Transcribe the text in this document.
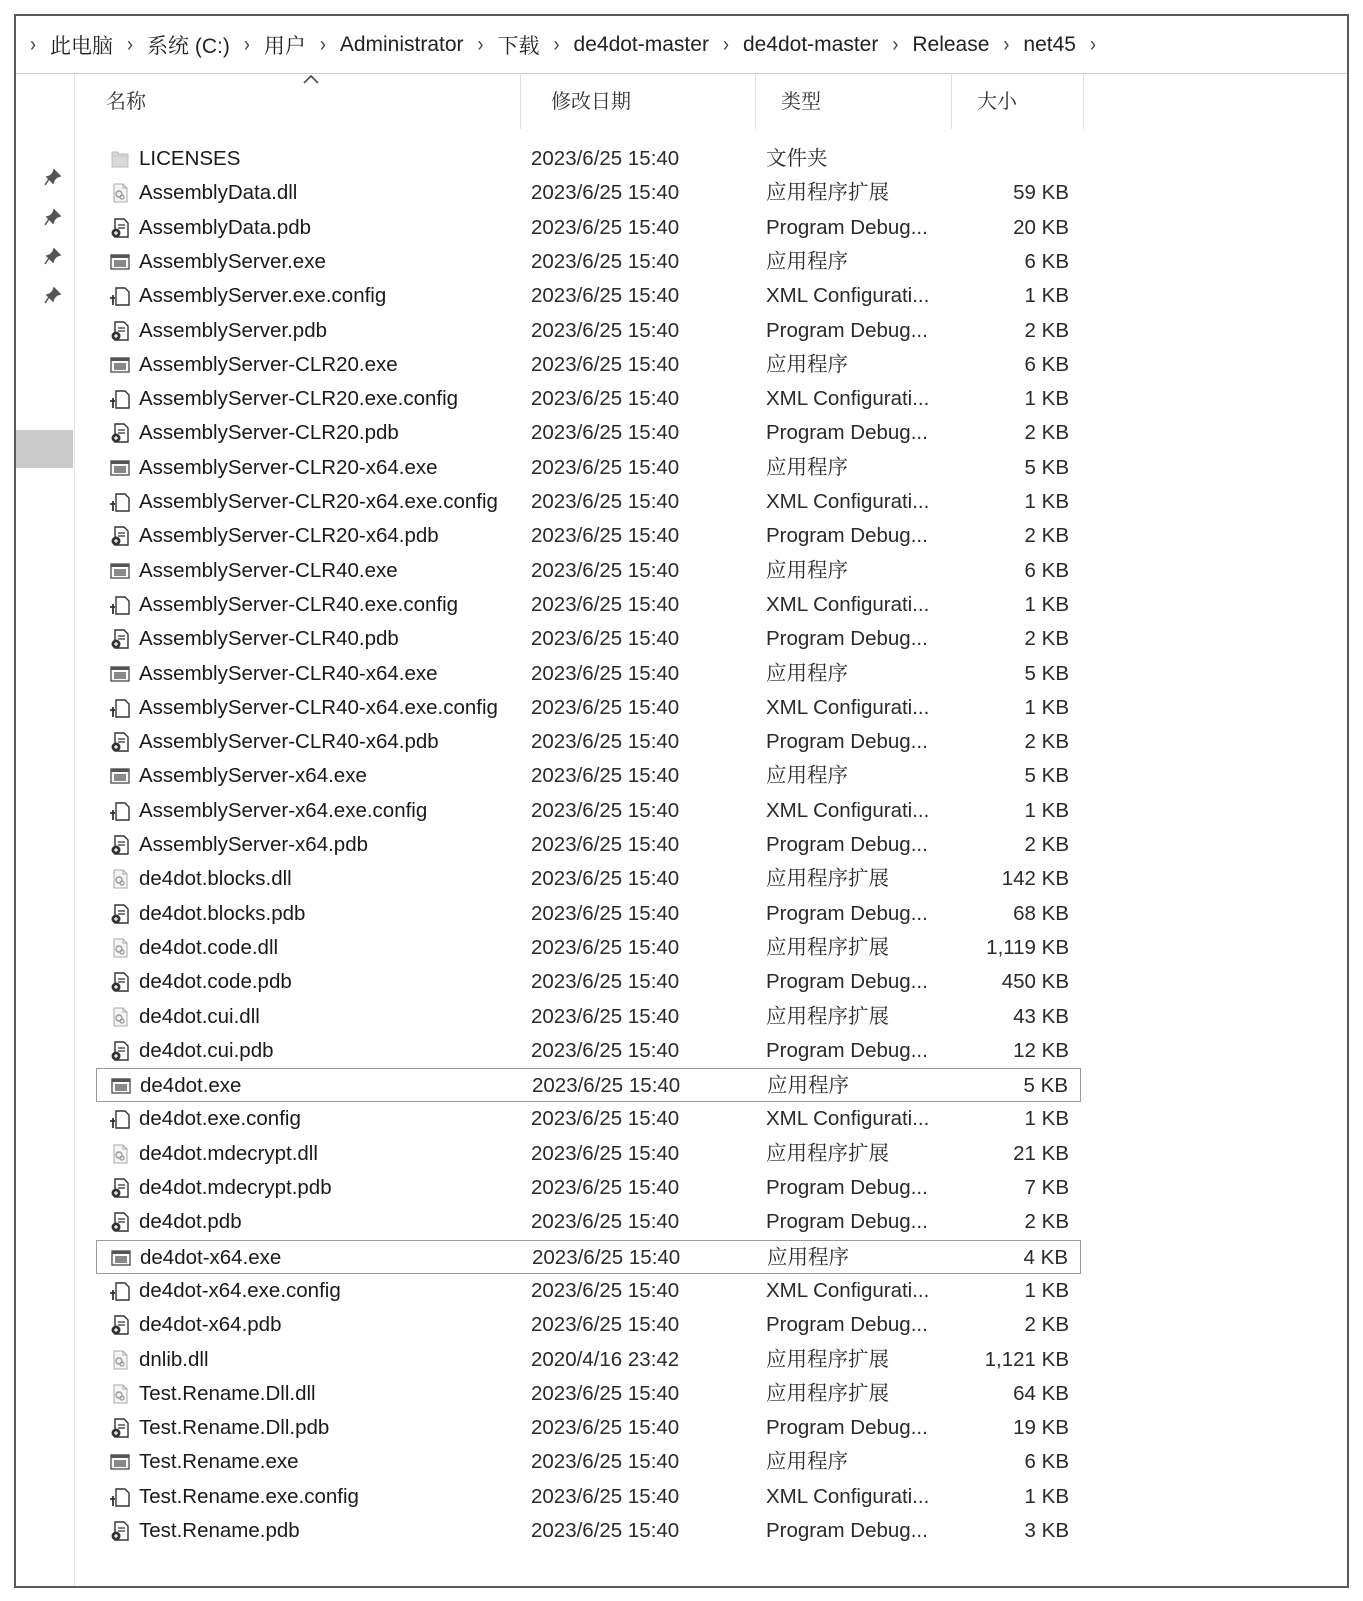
› 此电脑 › 系统 (C:) › 用户 › Administrator › 下载 › de4dot-master › de4dot-master › Release › net45 ›
名称	修改日期	类型	大小
LICENSES	2023/6/25 15:40	文件夹
AssemblyData.dll	2023/6/25 15:40	应用程序扩展	59 KB
AssemblyData.pdb	2023/6/25 15:40	Program Debug...	20 KB
AssemblyServer.exe	2023/6/25 15:40	应用程序	6 KB
AssemblyServer.exe.config	2023/6/25 15:40	XML Configurati...	1 KB
AssemblyServer.pdb	2023/6/25 15:40	Program Debug...	2 KB
AssemblyServer-CLR20.exe	2023/6/25 15:40	应用程序	6 KB
AssemblyServer-CLR20.exe.config	2023/6/25 15:40	XML Configurati...	1 KB
AssemblyServer-CLR20.pdb	2023/6/25 15:40	Program Debug...	2 KB
AssemblyServer-CLR20-x64.exe	2023/6/25 15:40	应用程序	5 KB
AssemblyServer-CLR20-x64.exe.config 2023/6/25 15:40	XML Configurati...	1 KB
AssemblyServer-CLR20-x64.pdb	2023/6/25 15:40	Program Debug...	2 KB
AssemblyServer-CLR40.exe	2023/6/25 15:40	应用程序	6 KB
AssemblyServer-CLR40.exe.config	2023/6/25 15:40	XML Configurati...	1 KB
AssemblyServer-CLR40.pdb	2023/6/25 15:40	Program Debug...	2 KB
AssemblyServer-CLR40-x64.exe	2023/6/25 15:40	应用程序	5 KB
AssemblyServer-CLR40-x64.exe.config 2023/6/25 15:40	XML Configurati...	1 KB
AssemblyServer-CLR40-x64.pdb	2023/6/25 15:40	Program Debug...	2 KB
AssemblyServer-x64.exe	2023/6/25 15:40	应用程序	5 KB
AssemblyServer-x64.exe.config	2023/6/25 15:40	XML Configurati...	1 KB
AssemblyServer-x64.pdb	2023/6/25 15:40	Program Debug...	2 KB
de4dot.blocks.dll	2023/6/25 15:40	应用程序扩展	142 KB
de4dot.blocks.pdb	2023/6/25 15:40	Program Debug...	68 KB
de4dot.code.dll	2023/6/25 15:40	应用程序扩展	1,119 KB
de4dot.code.pdb	2023/6/25 15:40	Program Debug...	450 KB
de4dot.cui.dll	2023/6/25 15:40	应用程序扩展	43 KB
de4dot.cui.pdb	2023/6/25 15:40	Program Debug...	12 KB
de4dot.exe	2023/6/25 15:40	应用程序	5 KB
de4dot.exe.config	2023/6/25 15:40	XML Configurati...	1 KB
de4dot.mdecrypt.dll	2023/6/25 15:40	应用程序扩展	21 KB
de4dot.mdecrypt.pdb	2023/6/25 15:40	Program Debug...	7 KB
de4dot.pdb	2023/6/25 15:40	Program Debug...	2 KB
de4dot-x64.exe	2023/6/25 15:40	应用程序	4 KB
de4dot-x64.exe.config	2023/6/25 15:40	XML Configurati...	1 KB
de4dot-x64.pdb	2023/6/25 15:40	Program Debug...	2 KB
dnlib.dll	2020/4/16 23:42	应用程序扩展	1,121 KB
Test.Rename.Dll.dll	2023/6/25 15:40	应用程序扩展	64 KB
Test.Rename.Dll.pdb	2023/6/25 15:40	Program Debug...	19 KB
Test.Rename.exe	2023/6/25 15:40	应用程序	6 KB
Test.Rename.exe.config	2023/6/25 15:40	XML Configurati...	1 KB
Test.Rename.pdb	2023/6/25 15:40	Program Debug...	3 KB
